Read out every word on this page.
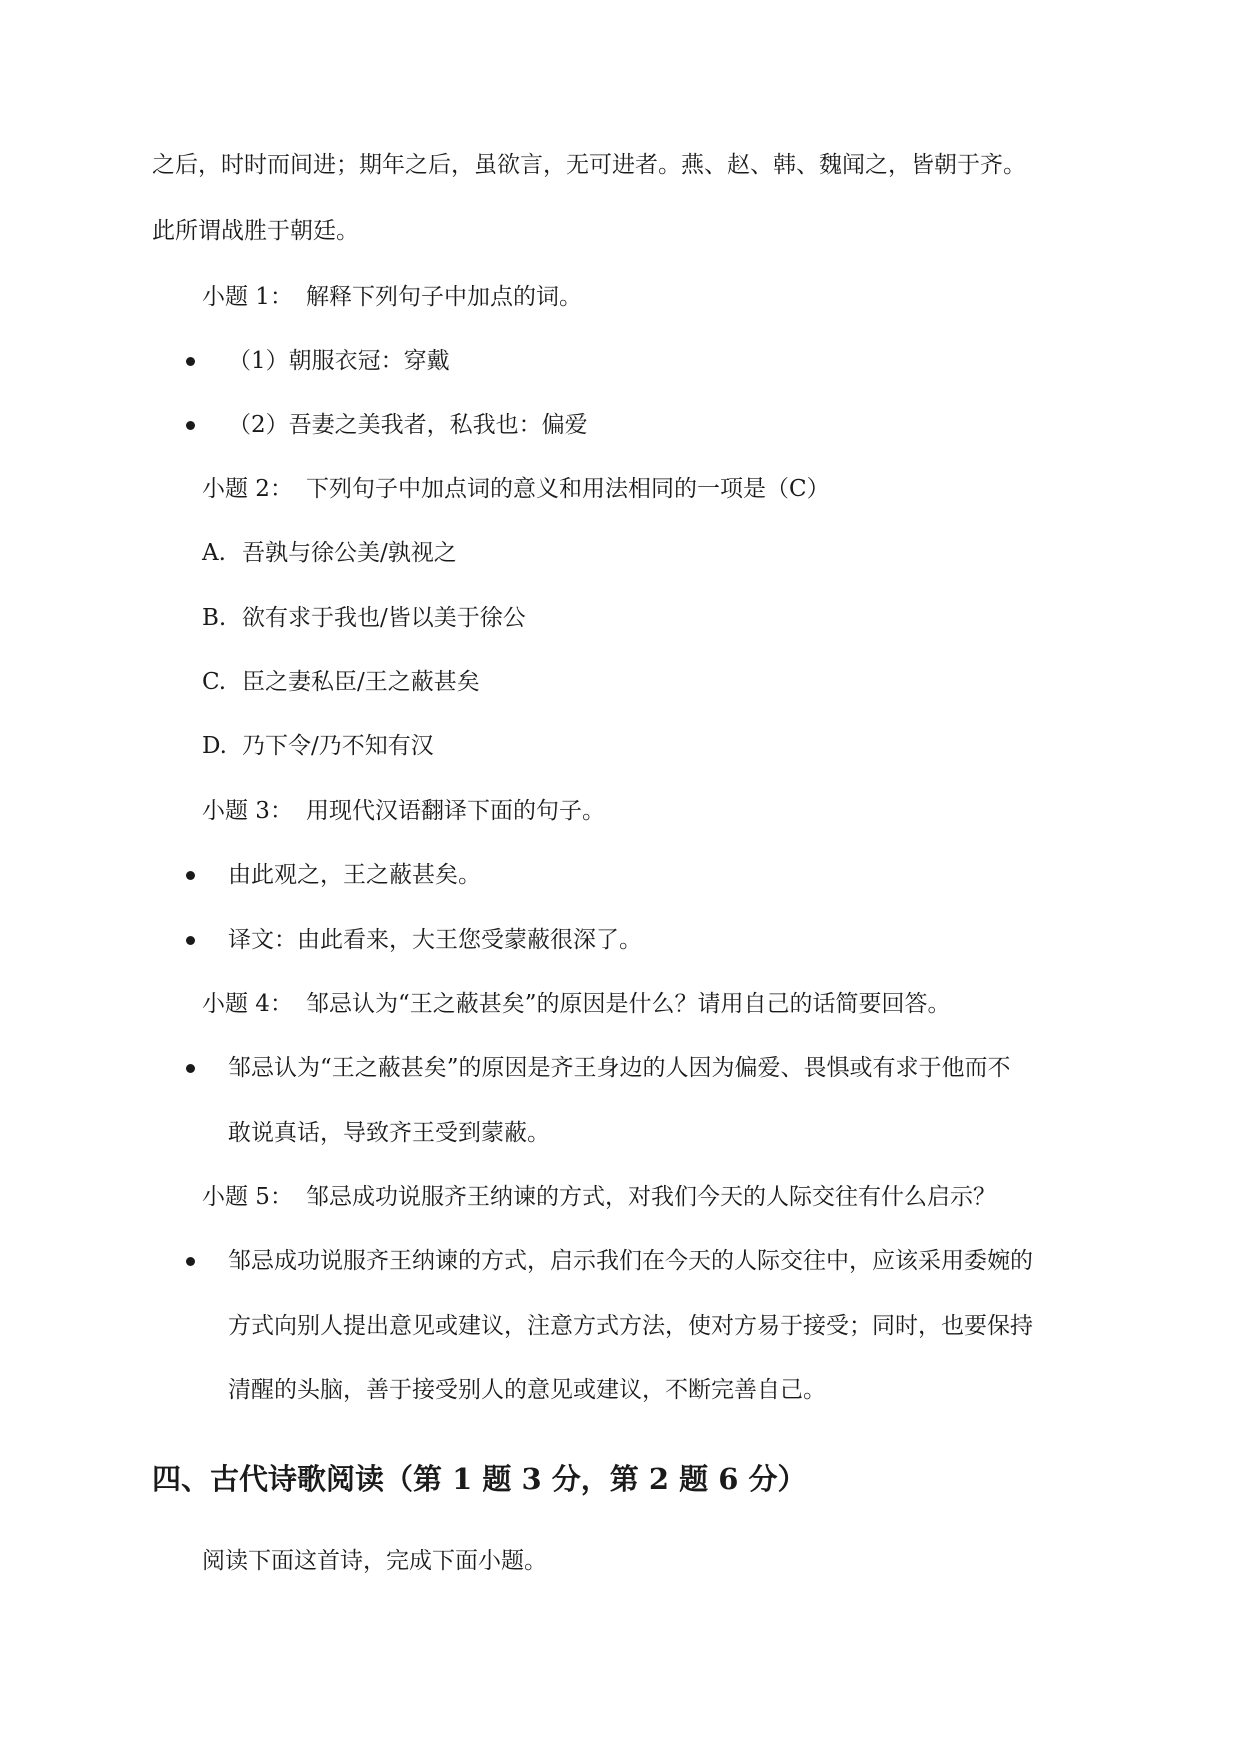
之后，时时而间进；期年之后，虽欲言，无可进者。燕、赵、韩、魏闻之，皆朝于齐。
此所谓战胜于朝廷。
小题 1： 解释下列句子中加点的词。
（1）朝服衣冠：穿戴
（2）吾妻之美我者，私我也：偏爱
小题 2： 下列句子中加点词的意义和用法相同的一项是（C）
A. 吾孰与徐公美/孰视之
B. 欲有求于我也/皆以美于徐公
C. 臣之妻私臣/王之蔽甚矣
D. 乃下令/乃不知有汉
小题 3： 用现代汉语翻译下面的句子。
由此观之，王之蔽甚矣。
译文：由此看来，大王您受蒙蔽很深了。
小题 4： 邹忌认为“王之蔽甚矣”的原因是什么？请用自己的话简要回答。
邹忌认为“王之蔽甚矣”的原因是齐王身边的人因为偏爱、畏惧或有求于他而不
敢说真话，导致齐王受到蒙蔽。
小题 5： 邹忌成功说服齐王纳谏的方式，对我们今天的人际交往有什么启示？
邹忌成功说服齐王纳谏的方式，启示我们在今天的人际交往中，应该采用委婉的
方式向别人提出意见或建议，注意方式方法，使对方易于接受；同时，也要保持
清醒的头脑，善于接受别人的意见或建议，不断完善自己。
四、古代诗歌阅读（第 1 题 3 分，第 2 题 6 分）
阅读下面这首诗，完成下面小题。
